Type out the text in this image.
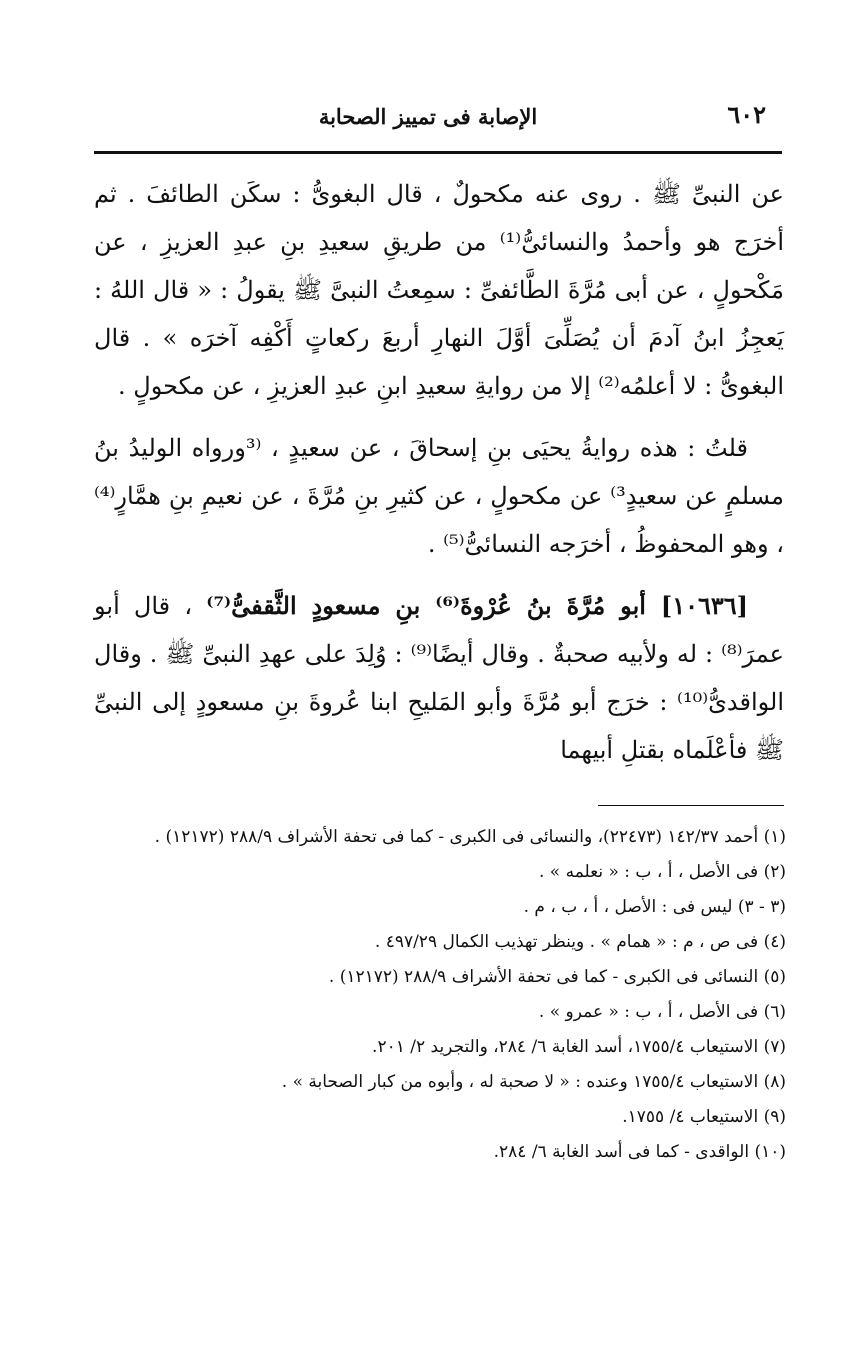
٦٠٢
الإصابة فى تمييز الصحابة

عن النبىِّ ﷺ . روى عنه مكحولٌ ، قال البغوىُّ : سكَن الطائفَ . ثم أخرَج هو وأحمدُ والنسائىُّ⁽¹⁾ من طريقِ سعيدِ بنِ عبدِ العزيزِ ، عن مَكْحولٍ ، عن أبى مُرَّةَ الطَّائفىِّ : سمِعتُ النبىَّ ﷺ يقولُ : « قال اللهُ : يَعجِزُ ابنُ آدمَ أن يُصَلِّىَ أوَّلَ النهارِ أربعَ ركعاتٍ أَكْفِه آخرَه » . قال البغوىُّ : لا أعلمُه⁽²⁾ إلا من روايةِ سعيدِ ابنِ عبدِ العزيزِ ، عن مكحولٍ .

قلتُ : هذه روايةُ يحيَى بنِ إسحاقَ ، عن سعيدٍ ، ⁽³ورواه الوليدُ بنُ مسلمٍ عن سعيدٍ³⁾ عن مكحولٍ ، عن كثيرِ بنِ مُرَّةَ ، عن نعيمِ بنِ همَّارٍ⁽⁴⁾ ، وهو المحفوظُ ، أخرَجه النسائىُّ⁽⁵⁾ .

[١٠٦٣٦] أبو مُرَّةَ بنُ عُرْوةَ⁽⁶⁾ بنِ مسعودٍ الثَّقفىُّ⁽⁷⁾ ، قال أبو عمرَ⁽⁸⁾ : له ولأبيه صحبةٌ . وقال أيضًا⁽⁹⁾ : وُلِدَ على عهدِ النبىِّ ﷺ . وقال الواقدىُّ⁽¹⁰⁾ : خرَج أبو مُرَّةَ وأبو المَليحِ ابنا عُروةَ بنِ مسعودٍ إلى النبىِّ ﷺ فأعْلَماه بقتلِ أبيهما

(١) أحمد ١٤٢/٣٧ (٢٢٤٧٣)، والنسائى فى الكبرى - كما فى تحفة الأشراف ٢٨٨/٩ (١٢١٧٢) .

(٢) فى الأصل ، أ ، ب : « نعلمه » .

(٣ - ٣) ليس فى : الأصل ، أ ، ب ، م .

(٤) فى ص ، م : « همام » . وينظر تهذيب الكمال ٤٩٧/٢٩ .

(٥) النسائى فى الكبرى - كما فى تحفة الأشراف ٢٨٨/٩ (١٢١٧٢) .

(٦) فى الأصل ، أ ، ب : « عمرو » .

(٧) الاستيعاب ١٧٥٥/٤، أسد الغابة ٦/ ٢٨٤، والتجريد ٢/ ٢٠١.

(٨) الاستيعاب ١٧٥٥/٤ وعنده : « لا صحبة له ، وأبوه من كبار الصحابة » .

(٩) الاستيعاب ٤/ ١٧٥٥.

(١٠) الواقدى - كما فى أسد الغابة ٦/ ٢٨٤.
